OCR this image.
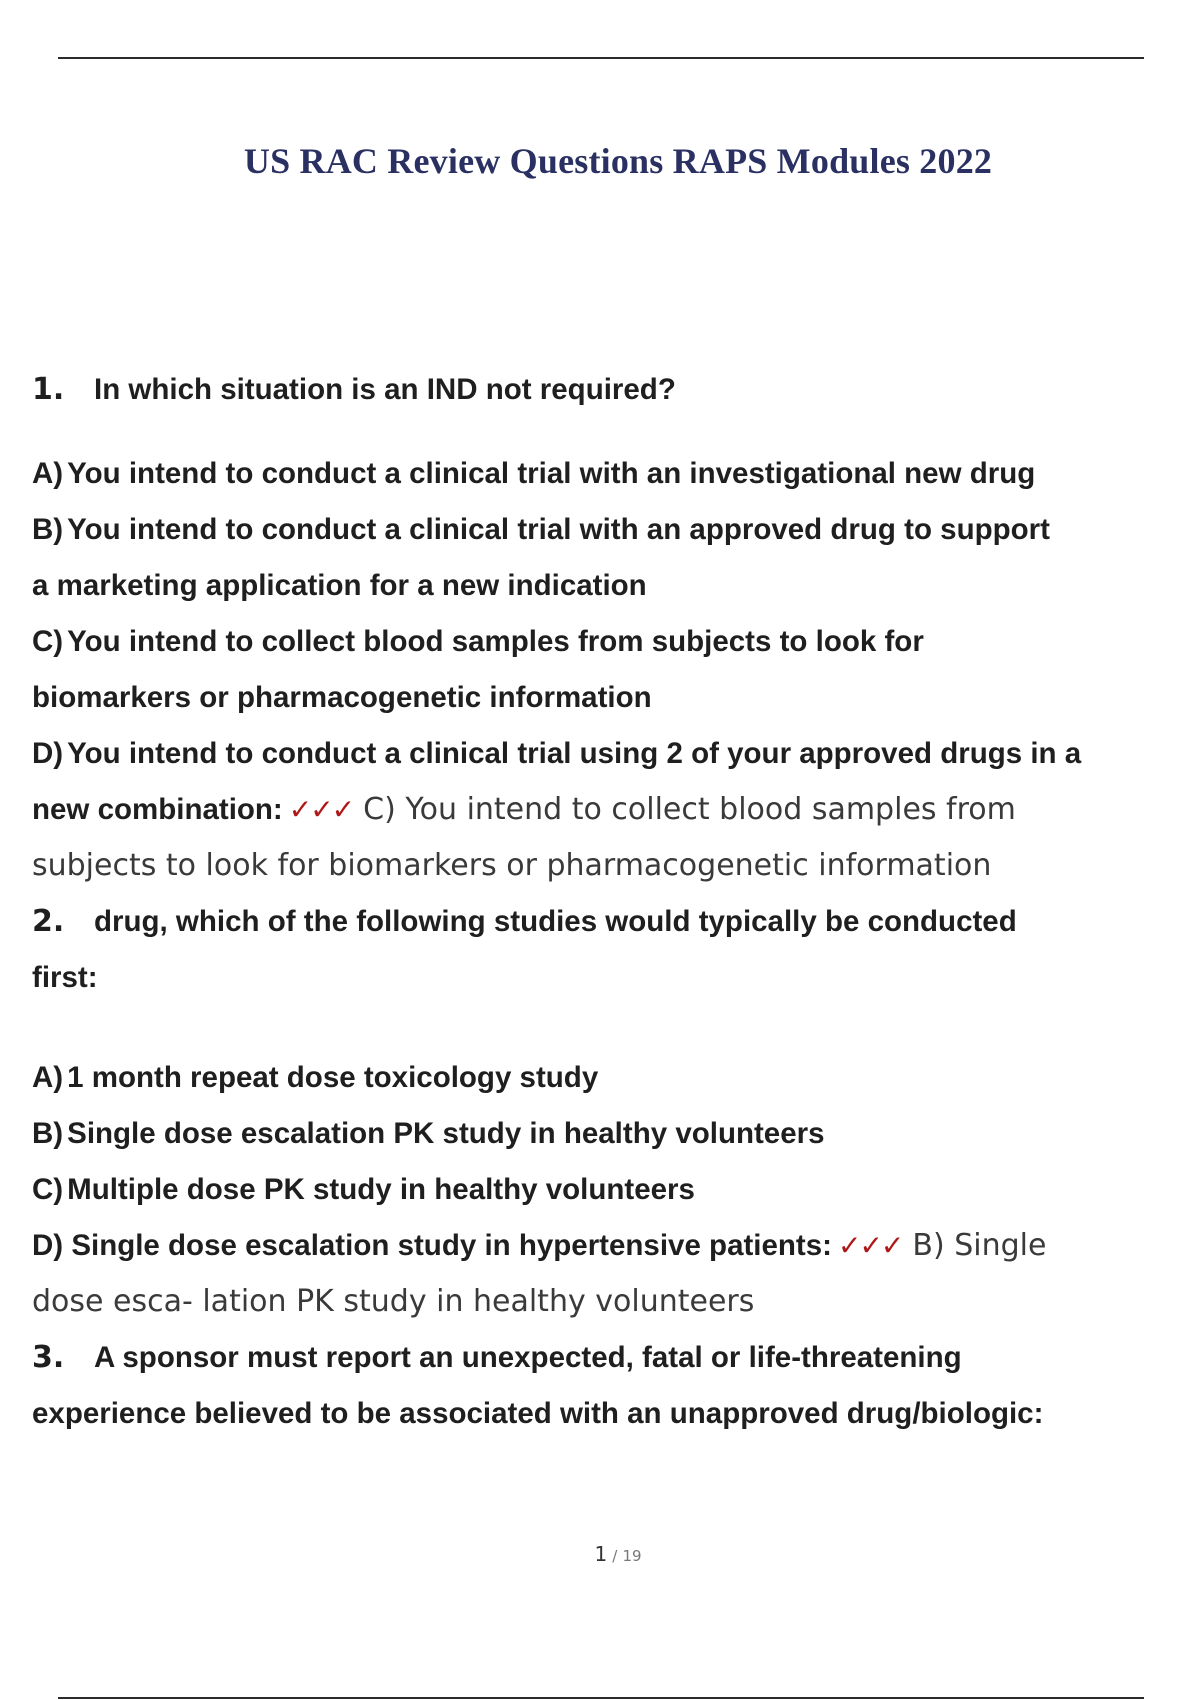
US RAC Review Questions RAPS Modules 2022
1. In which situation is an IND not required?
A) You intend to conduct a clinical trial with an investigational new drug
B) You intend to conduct a clinical trial with an approved drug to support
a marketing application for a new indication
C) You intend to collect blood samples from subjects to look for
biomarkers or pharmacogenetic information
D) You intend to conduct a clinical trial using 2 of your approved drugs in a
new combination: ✓✓✓ C) You intend to collect blood samples from
subjects to look for biomarkers or pharmacogenetic information
2. drug, which of the following studies would typically be conducted
first:
A) 1 month repeat dose toxicology study
B) Single dose escalation PK study in healthy volunteers
C) Multiple dose PK study in healthy volunteers
D) Single dose escalation study in hypertensive patients: ✓✓✓ B) Single
dose esca- lation PK study in healthy volunteers
3. A sponsor must report an unexpected, fatal or life-threatening
experience believed to be associated with an unapproved drug/biologic:
1 / 19
